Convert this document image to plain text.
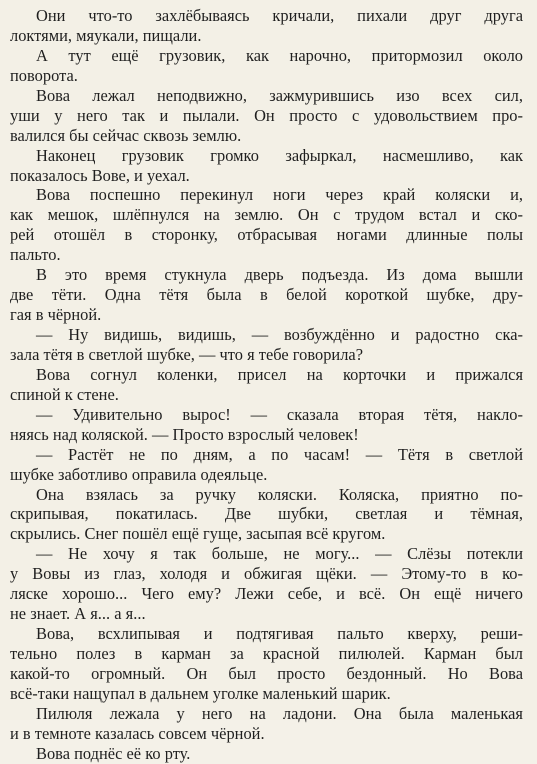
Они что-то захлёбываясь кричали, пихали друг друга
локтями, мяукали, пищали.
А тут ещё грузовик, как нарочно, притормозил около
поворота.
Вова лежал неподвижно, зажмурившись изо всех сил,
уши у него так и пылали. Он просто с удовольствием про-
валился бы сейчас сквозь землю.
Наконец грузовик громко зафыркал, насмешливо, как
показалось Вове, и уехал.
Вова поспешно перекинул ноги через край коляски и,
как мешок, шлёпнулся на землю. Он с трудом встал и ско-
рей отошёл в сторонку, отбрасывая ногами длинные полы
пальто.
В это время стукнула дверь подъезда. Из дома вышли
две тёти. Одна тётя была в белой короткой шубке, дру-
гая в чёрной.
— Ну видишь, видишь, — возбуждённо и радостно ска-
зала тётя в светлой шубке, — что я тебе говорила?
Вова согнул коленки, присел на корточки и прижался
спиной к стене.
— Удивительно вырос! — сказала вторая тётя, накло-
няясь над коляской. — Просто взрослый человек!
— Растёт не по дням, а по часам! — Тётя в светлой
шубке заботливо оправила одеяльце.
Она взялась за ручку коляски. Коляска, приятно по-
скрипывая, покатилась. Две шубки, светлая и тёмная,
скрылись. Снег пошёл ещё гуще, засыпая всё кругом.
— Не хочу я так больше, не могу... — Слёзы потекли
у Вовы из глаз, холодя и обжигая щёки. — Этому-то в ко-
ляске хорошо... Чего ему? Лежи себе, и всё. Он ещё ничего
не знает. А я... а я...
Вова, всхлипывая и подтягивая пальто кверху, реши-
тельно полез в карман за красной пилюлей. Карман был
какой-то огромный. Он был просто бездонный. Но Вова
всё-таки нащупал в дальнем уголке маленький шарик.
Пилюля лежала у него на ладони. Она была маленькая
и в темноте казалась совсем чёрной.
Вова поднёс её ко рту.
